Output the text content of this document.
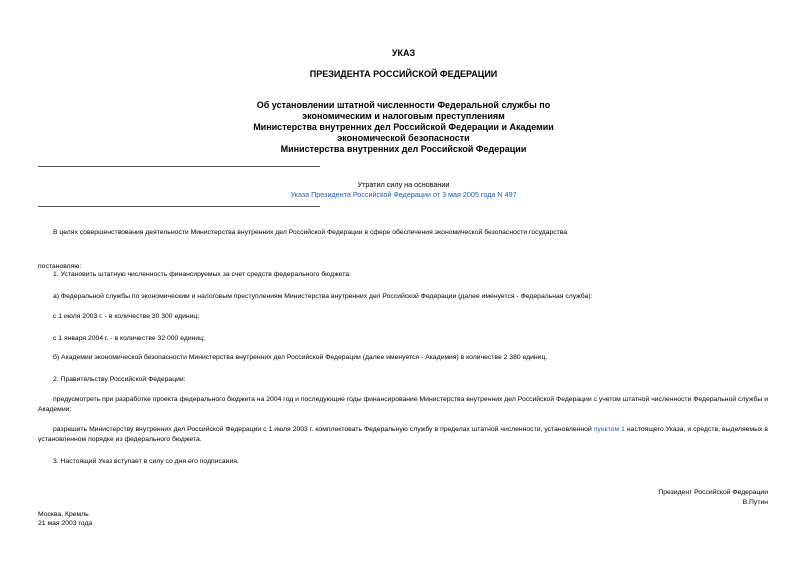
УКАЗ
ПРЕЗИДЕНТА РОССИЙСКОЙ ФЕДЕРАЦИИ
Об установлении штатной численности Федеральной службы по
экономическим и налоговым преступлениям
Министерства внутренних дел Российской Федерации и Академии
экономической безопасности
Министерства внутренних дел Российской Федерации
Утратил силу на основании
Указа Президента Российской Федерации от 3 мая 2005 года N 497
В целях совершенствования деятельности Министерства внутренних дел Российской Федерации в сфере обеспечения экономической безопасности государства
постановляю:
1. Установить штатную численность финансируемых за счет средств федерального бюджета:
а) Федеральной службы по экономическим и налоговым преступлениям Министерства внутренних дел Российской Федерации (далее именуется - Федеральная служба):
с 1 июля 2003 г. - в количестве 30 300 единиц;
с 1 января 2004 г. - в количестве 32 000 единиц;
б) Академии экономической безопасности Министерства внутренних дел Российской Федерации (далее именуется - Академия) в количестве 2 380 единиц.
2. Правительству Российской Федерации:
предусмотреть при разработке проекта федерального бюджета на 2004 год и последующие годы финансирование Министерства внутренних дел Российской Федерации с учетом штатной численности Федеральной службы и Академии;
разрешить Министерству внутренних дел Российской Федерации с 1 июля 2003 г. комплектовать Федеральную службу в пределах штатной численности, установленной пунктом 1 настоящего Указа, и средств, выделяемых в установленном порядке из федерального бюджета.
3. Настоящий Указ вступает в силу со дня его подписания.
Президент Российской Федерации
В.Путин
Москва, Кремль
21 мая 2003 года
